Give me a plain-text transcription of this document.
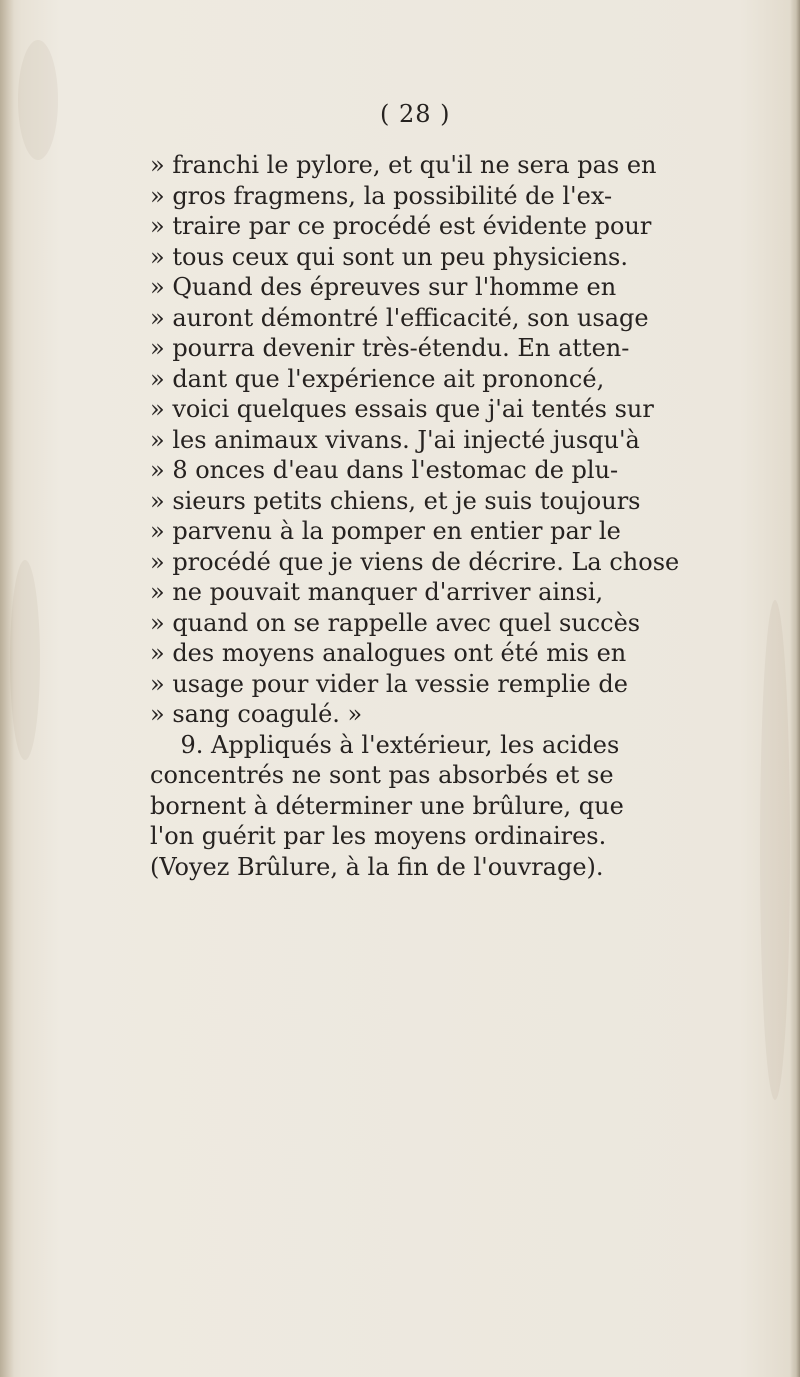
( 28 )
» franchi le pylore, et qu'il ne sera pas en
» gros fragmens, la possibilité de l'ex-
» traire par ce procédé est évidente pour
» tous ceux qui sont un peu physiciens.
» Quand des épreuves sur l'homme en
» auront démontré l'efficacité, son usage
» pourra devenir très-étendu. En atten-
» dant que l'expérience ait prononcé,
» voici quelques essais que j'ai tentés sur
» les animaux vivans. J'ai injecté jusqu'à
» 8 onces d'eau dans l'estomac de plu-
» sieurs petits chiens, et je suis toujours
» parvenu à la pomper en entier par le
» procédé que je viens de décrire. La chose
» ne pouvait manquer d'arriver ainsi,
» quand on se rappelle avec quel succès
» des moyens analogues ont été mis en
» usage pour vider la vessie remplie de
» sang coagulé. »
9. Appliqués à l'extérieur, les acides
concentrés ne sont pas absorbés et se
bornent à déterminer une brûlure, que
l'on guérit par les moyens ordinaires.
(Voyez Brûlure, à la fin de l'ouvrage).
